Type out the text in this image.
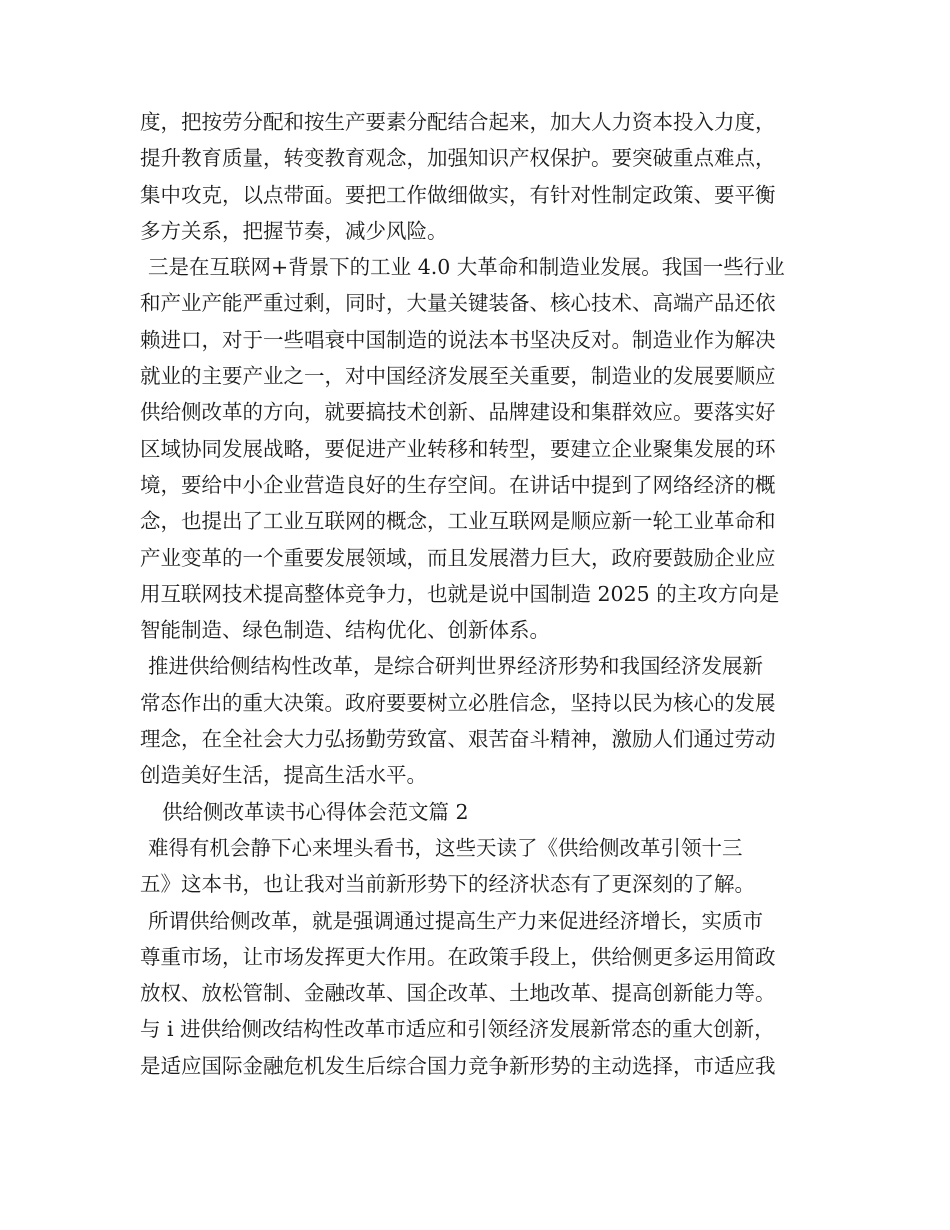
度，把按劳分配和按生产要素分配结合起来，加大人力资本投入力度，
提升教育质量，转变教育观念，加强知识产权保护。要突破重点难点，
集中攻克，以点带面。要把工作做细做实，有针对性制定政策、要平衡
多方关系，把握节奏，减少风险。
三是在互联网+背景下的工业 4.0 大革命和制造业发展。我国一些行业
和产业产能严重过剩，同时，大量关键装备、核心技术、高端产品还依
赖进口，对于一些唱衰中国制造的说法本书坚决反对。制造业作为解决
就业的主要产业之一，对中国经济发展至关重要，制造业的发展要顺应
供给侧改革的方向，就要搞技术创新、品牌建设和集群效应。要落实好
区域协同发展战略，要促进产业转移和转型，要建立企业聚集发展的环
境，要给中小企业营造良好的生存空间。在讲话中提到了网络经济的概
念，也提出了工业互联网的概念，工业互联网是顺应新一轮工业革命和
产业变革的一个重要发展领域，而且发展潜力巨大，政府要鼓励企业应
用互联网技术提高整体竞争力，也就是说中国制造 2025 的主攻方向是
智能制造、绿色制造、结构优化、创新体系。
推进供给侧结构性改革，是综合研判世界经济形势和我国经济发展新
常态作出的重大决策。政府要要树立必胜信念，坚持以民为核心的发展
理念，在全社会大力弘扬勤劳致富、艰苦奋斗精神，激励人们通过劳动
创造美好生活，提高生活水平。
供给侧改革读书心得体会范文篇 2
难得有机会静下心来埋头看书，这些天读了《供给侧改革引领十三
五》这本书，也让我对当前新形势下的经济状态有了更深刻的了解。
所谓供给侧改革，就是强调通过提高生产力来促进经济增长，实质市
尊重市场，让市场发挥更大作用。在政策手段上，供给侧更多运用简政
放权、放松管制、金融改革、国企改革、土地改革、提高创新能力等。
与 i 进供给侧改结构性改革市适应和引领经济发展新常态的重大创新，
是适应国际金融危机发生后综合国力竞争新形势的主动选择，市适应我
